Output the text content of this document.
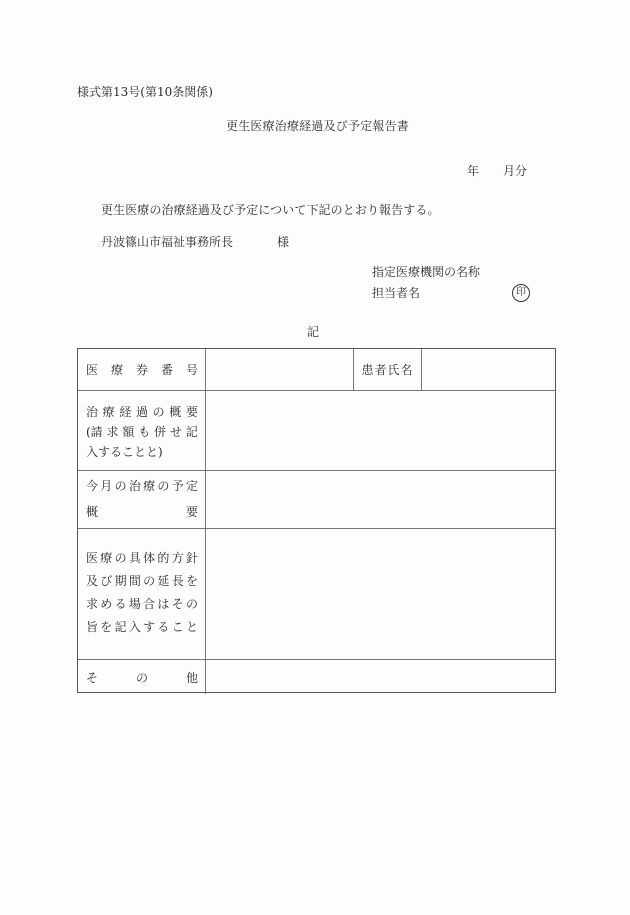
様式第13号(第10条関係)
更生医療治療経過及び予定報告書
年 月分
更生医療の治療経過及び予定について下記のとおり報告する。
丹波篠山市福祉事務所長	様
指定医療機関の名称
担当者名	印
記
医 療 券 番 号	患者氏名
治 療 経 過 の 概 要
(請 求 額 も 併 せ 記
入することと)
今 月 の 治 療 の 予 定
概	要
医 療 の 具 体 的 方 針
及 び 期 間 の 延 長 を
求 め る 場 合 は そ の
旨 を 記 入 す る こ と
そ	の	他
